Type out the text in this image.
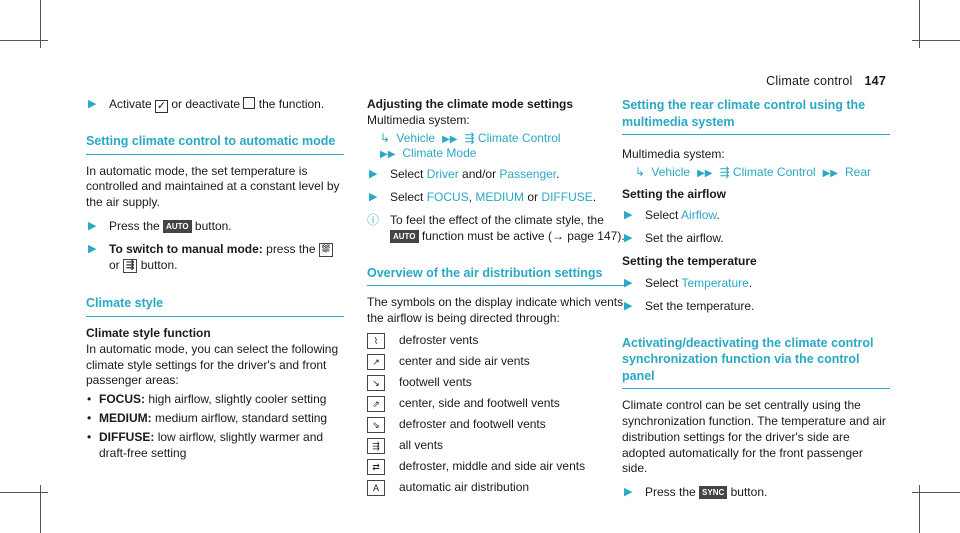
Climate control 147
▶ Activate ✓ or deactivate the function.
Setting climate control to automatic mode

In automatic mode, the set temperature is controlled and maintained at a constant level by the air supply.

▶ Press the AUTO button.
▶ To switch to manual mode: press the ⛆
or ⇶ button.
Climate style

Climate style function

In automatic mode, you can select the following climate style settings for the driver's and front passenger areas:

• FOCUS: high airflow, slightly cooler setting
• MEDIUM: medium airflow, standard setting
• DIFFUSE: low airflow, slightly warmer and draft-free setting

Adjusting the climate mode settings

Multimedia system:

↳ Vehicle ▶▶ ⇶ Climate Control
▶▶ Climate Mode
▶ Select Driver and/or Passenger.
▶ Select FOCUS, MEDIUM or DIFFUSE.
ⓘ To feel the effect of the climate style, the AUTO function must be active (→ page 147).
Overview of the air distribution settings

The symbols on the display indicate which vents the airflow is being directed through:

⌇	defroster vents
↗	center and side air vents
↘	footwell vents
⇗	center, side and footwell vents
⇘	defroster and footwell vents
⇶	all vents
⇄	defroster, middle and side air vents
A	automatic air distribution
Setting the rear climate control using the multimedia system

Multimedia system:

↳ Vehicle ▶▶ ⇶ Climate Control ▶▶ Rear

Setting the airflow

▶ Select Airflow.
▶ Set the airflow.

Setting the temperature

▶ Select Temperature.
▶ Set the temperature.
Activating/deactivating the climate control synchronization function via the control panel

Climate control can be set centrally using the synchronization function. The temperature and air distribution settings for the driver's side are adopted automatically for the front passenger side.

▶ Press the SYNC button.
